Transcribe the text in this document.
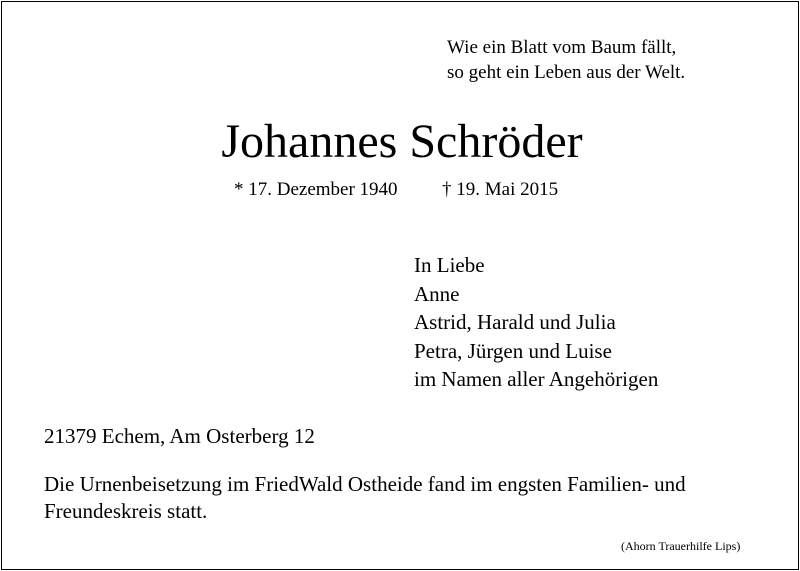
Wie ein Blatt vom Baum fällt,
so geht ein Leben aus der Welt.
Johannes Schröder
* 17. Dezember 1940 † 19. Mai 2015
In Liebe
Anne
Astrid, Harald und Julia
Petra, Jürgen und Luise
im Namen aller Angehörigen
21379 Echem, Am Osterberg 12
Die Urnenbeisetzung im FriedWald Ostheide fand im engsten Familien- und
Freundeskreis statt.
(Ahorn Trauerhilfe Lips)
